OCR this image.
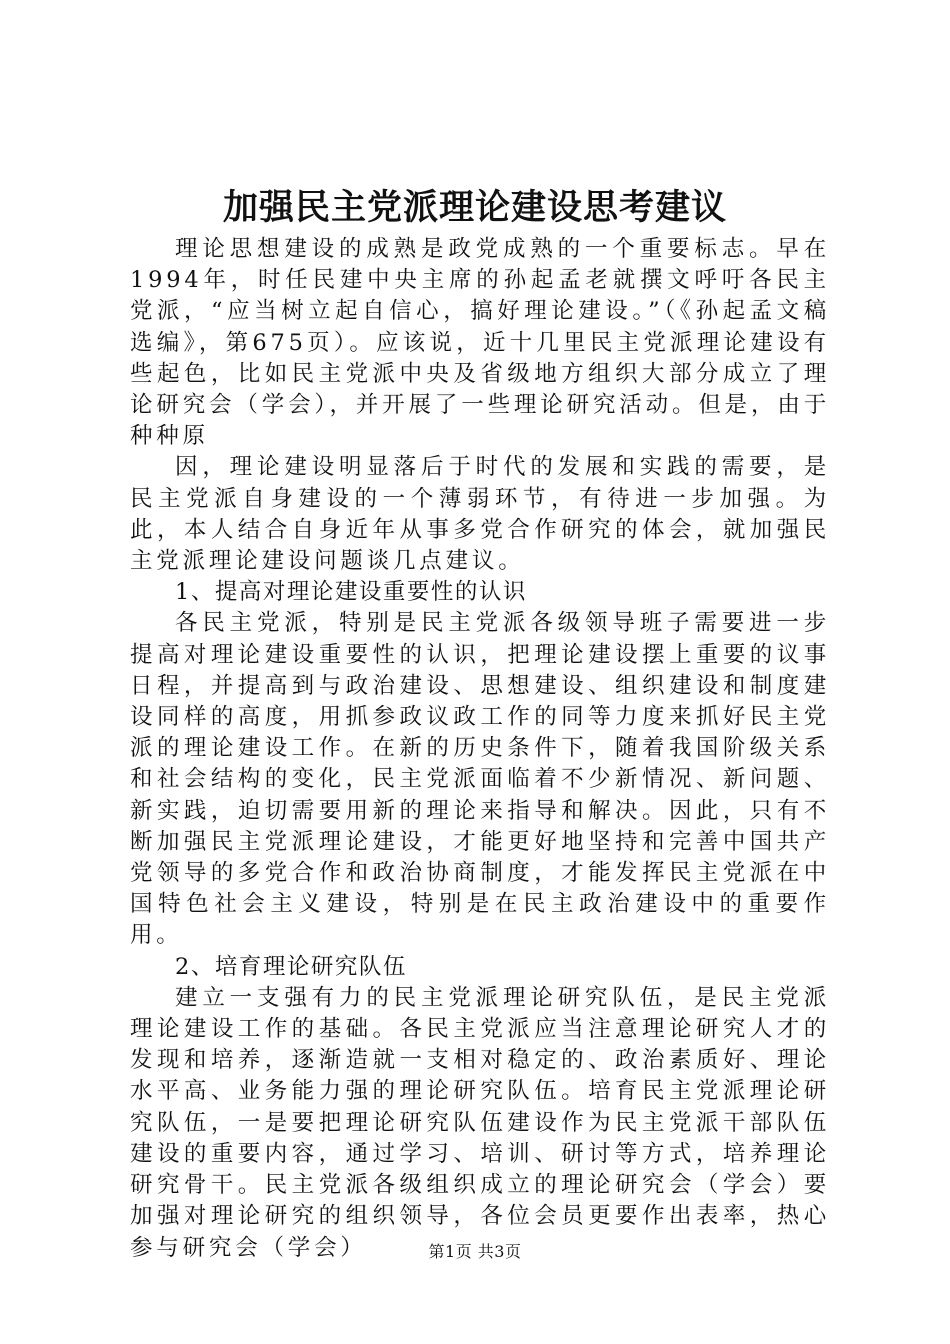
加强民主党派理论建设思考建议

理论思想建设的成熟是政党成熟的一个重要标志。早在1994年，时任民建中央主席的孙起孟老就撰文呼吁各民主党派，“应当树立起自信心，搞好理论建设。”（《孙起孟文稿选编》，第675页）。应该说，近十几里民主党派理论建设有些起色，比如民主党派中央及省级地方组织大部分成立了理论研究会（学会），并开展了一些理论研究活动。但是，由于种种原

因，理论建设明显落后于时代的发展和实践的需要，是民主党派自身建设的一个薄弱环节，有待进一步加强。为此，本人结合自身近年从事多党合作研究的体会，就加强民主党派理论建设问题谈几点建议。

1、提高对理论建设重要性的认识

各民主党派，特别是民主党派各级领导班子需要进一步提高对理论建设重要性的认识，把理论建设摆上重要的议事日程，并提高到与政治建设、思想建设、组织建设和制度建设同样的高度，用抓参政议政工作的同等力度来抓好民主党派的理论建设工作。在新的历史条件下，随着我国阶级关系和社会结构的变化，民主党派面临着不少新情况、新问题、新实践，迫切需要用新的理论来指导和解决。因此，只有不断加强民主党派理论建设，才能更好地坚持和完善中国共产党领导的多党合作和政治协商制度，才能发挥民主党派在中国特色社会主义建设，特别是在民主政治建设中的重要作用。

2、培育理论研究队伍

建立一支强有力的民主党派理论研究队伍，是民主党派理论建设工作的基础。各民主党派应当注意理论研究人才的发现和培养，逐渐造就一支相对稳定的、政治素质好、理论水平高、业务能力强的理论研究队伍。培育民主党派理论研究队伍，一是要把理论研究队伍建设作为民主党派干部队伍建设的重要内容，通过学习、培训、研讨等方式，培养理论研究骨干。民主党派各级组织成立的理论研究会（学会）要加强对理论研究的组织领导，各位会员更要作出表率，热心参与研究会（学会）	第1页 共3页
